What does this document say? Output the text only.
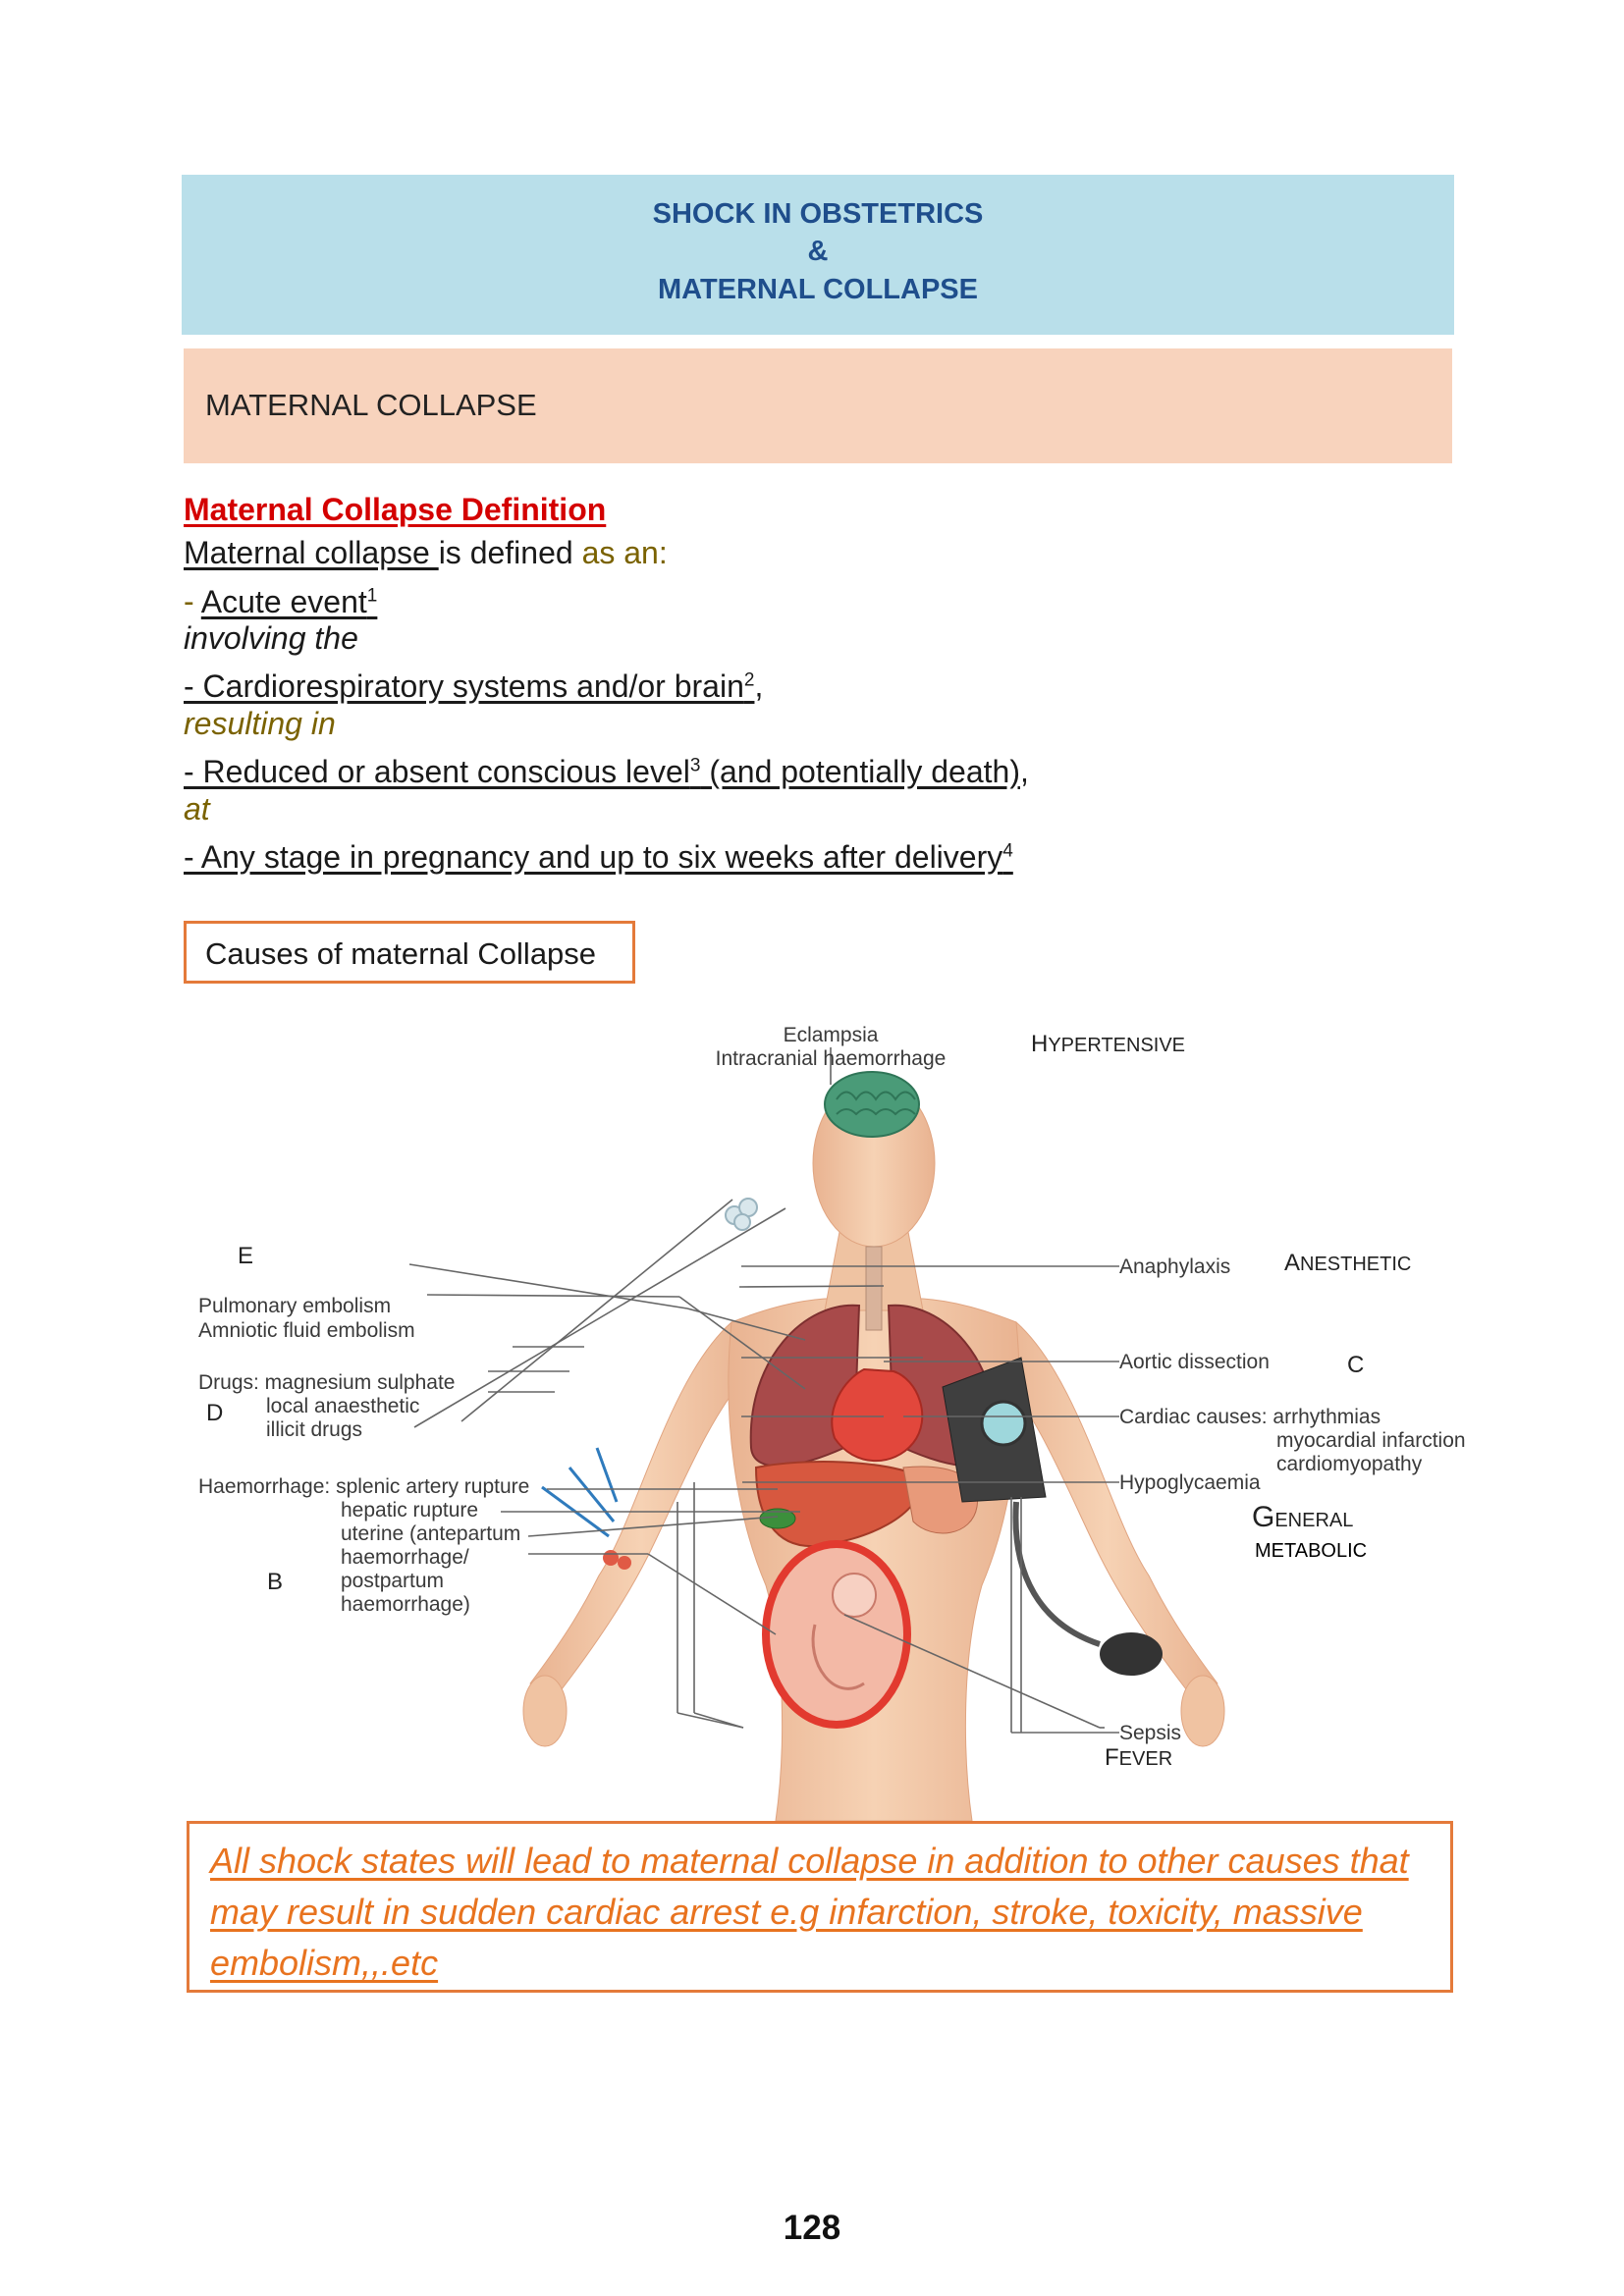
SHOCK IN OBSTETRICS
&
MATERNAL COLLAPSE
MATERNAL COLLAPSE
Maternal Collapse Definition
Maternal collapse is defined as an:
- Acute event$^1$
involving the
- Cardiorespiratory systems and/or brain$^2$,
resulting in
- Reduced or absent conscious level$^3$ (and potentially death),
at
- Any stage in pregnancy and up to six weeks after delivery$^4$
Causes of maternal Collapse
Eclampsia
Intracranial haemorrhage
Pulmonary embolism
Amniotic fluid embolism
Drugs: magnesium sulphate
local anaesthetic
illicit drugs
Haemorrhage: splenic artery rupture
hepatic rupture
uterine (antepartum
haemorrhage/
postpartum
haemorrhage)
Anaphylaxis
Aortic dissection
Cardiac causes: arrhythmias
myocardial infarction
cardiomyopathy
Hypoglycaemia
Sepsis
HYPERTENSIVE
ANESTHETIC
C
GENERAL
METABOLIC
FEVER
E
D
B
All shock states will lead to maternal collapse in addition to other causes that may result in sudden cardiac arrest e.g infarction, stroke, toxicity, massive embolism,,.etc
128
